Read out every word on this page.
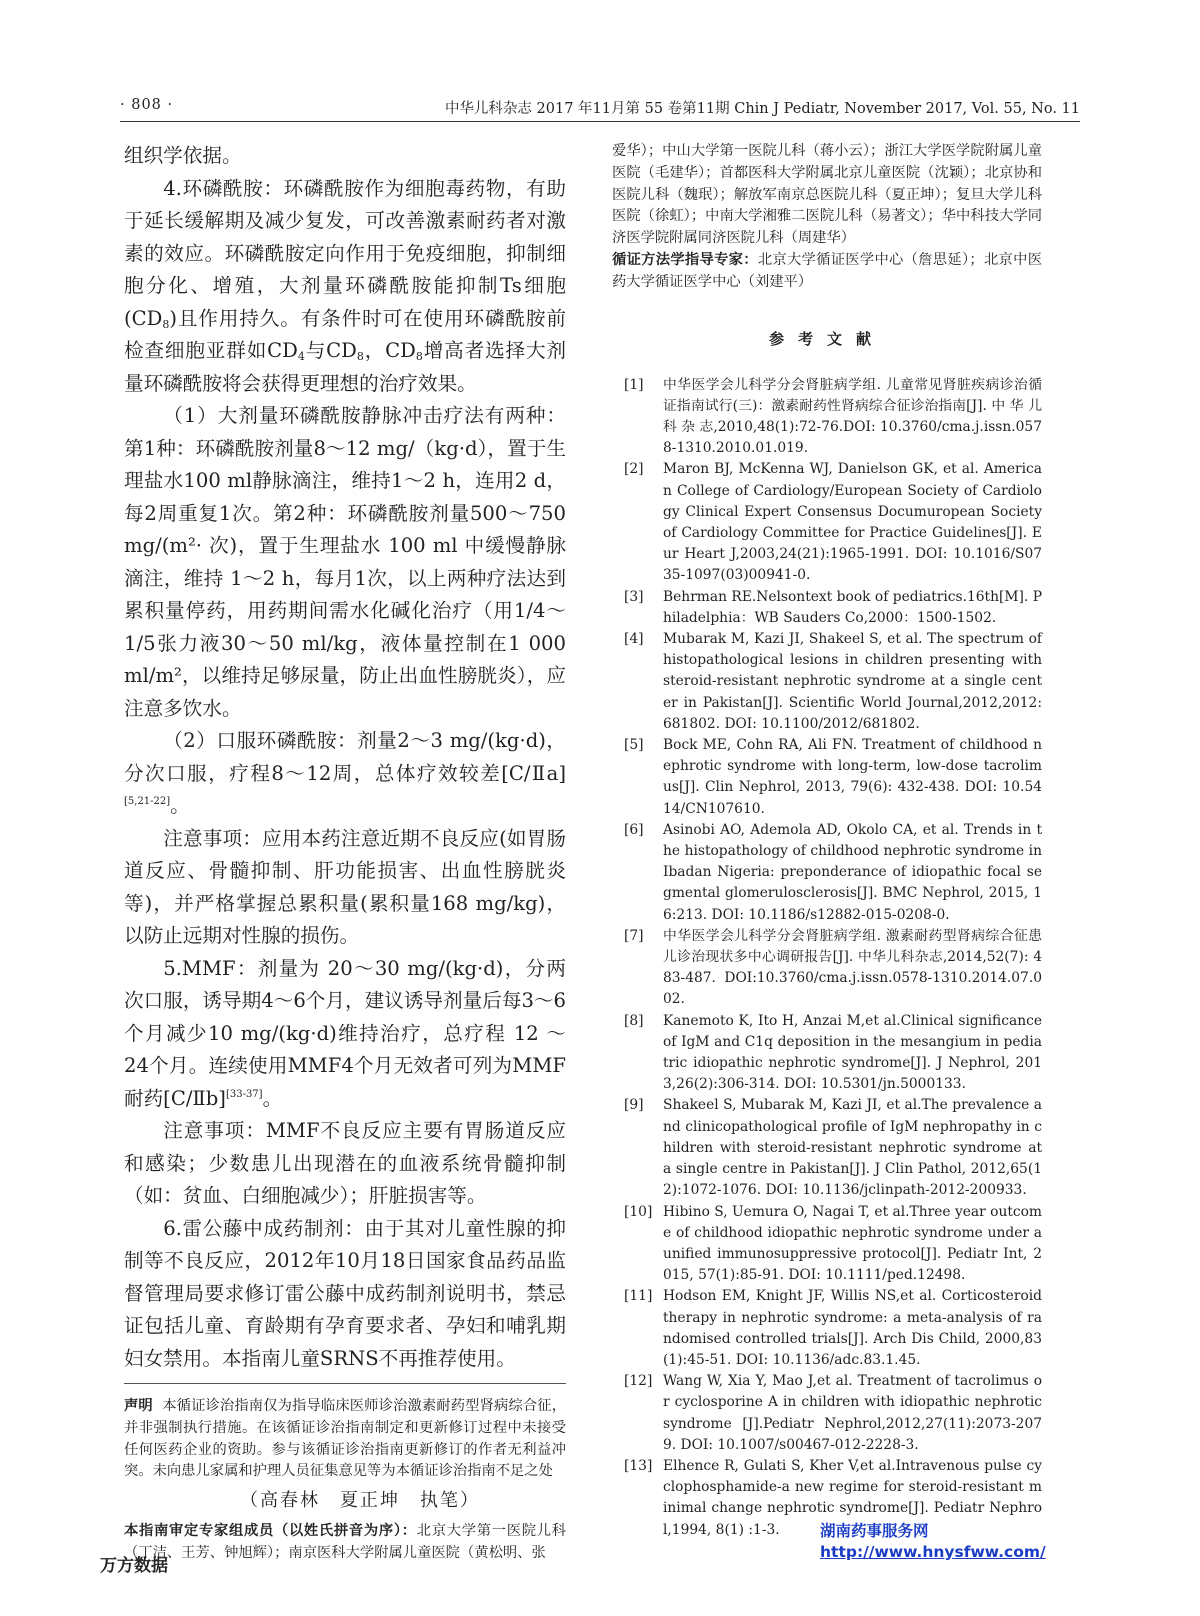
· 808 ·	中华儿科杂志 2017 年11月第 55 卷第11期 Chin J Pediatr, November 2017, Vol. 55, No. 11

组织学依据。

4.环磷酰胺：环磷酰胺作为细胞毒药物，有助于延长缓解期及减少复发，可改善激素耐药者对激素的效应。环磷酰胺定向作用于免疫细胞，抑制细胞分化、增殖，大剂量环磷酰胺能抑制Ts细胞$(CD_8)$且作用持久。有条件时可在使用环磷酰胺前检查细胞亚群如$CD_4$与$CD_8$，$CD_8$增高者选择大剂量环磷酰胺将会获得更理想的治疗效果。

（1）大剂量环磷酰胺静脉冲击疗法有两种：第1种：环磷酰胺剂量8～12 mg/（kg·d），置于生理盐水100 ml静脉滴注，维持1～2 h，连用2 d，每2周重复1次。第2种：环磷酰胺剂量500～750 mg/(m²· 次)，置于生理盐水 100 ml 中缓慢静脉滴注，维持 1～2 h，每月1次，以上两种疗法达到累积量停药，用药期间需水化碱化治疗（用1/4～1/5张力液30～50 ml/kg，液体量控制在1 000 ml/m²，以维持足够尿量，防止出血性膀胱炎），应注意多饮水。

（2）口服环磷酰胺：剂量2～3 mg/(kg·d)，分次口服，疗程8～12周，总体疗效较差[C/Ⅱa][5,21-22]。

注意事项：应用本药注意近期不良反应(如胃肠道反应、骨髓抑制、肝功能损害、出血性膀胱炎等)，并严格掌握总累积量(累积量168 mg/kg)，以防止远期对性腺的损伤。

5.MMF：剂量为 20～30 mg/(kg·d)，分两次口服，诱导期4～6个月，建议诱导剂量后每3～6个月减少10 mg/(kg·d)维持治疗，总疗程 12 ～24个月。连续使用MMF4个月无效者可列为MMF耐药[C/Ⅱb][33-37]。

注意事项：MMF不良反应主要有胃肠道反应和感染；少数患儿出现潜在的血液系统骨髓抑制（如：贫血、白细胞减少）；肝脏损害等。

6.雷公藤中成药制剂：由于其对儿童性腺的抑制等不良反应，2012年10月18日国家食品药品监督管理局要求修订雷公藤中成药制剂说明书，禁忌证包括儿童、育龄期有孕育要求者、孕妇和哺乳期妇女禁用。本指南儿童SRNS不再推荐使用。

声明 本循证诊治指南仅为指导临床医师诊治激素耐药型肾病综合征，并非强制执行措施。在该循证诊治指南制定和更新修订过程中未接受任何医药企业的资助。参与该循证诊治指南更新修订的作者无利益冲突。未向患儿家属和护理人员征集意见等为本循证诊治指南不足之处

（高春林　夏正坤　执笔）

本指南审定专家组成员（以姓氏拼音为序）：北京大学第一医院儿科（丁洁、王芳、钟旭辉）；南京医科大学附属儿童医院（黄松明、张

爱华）；中山大学第一医院儿科（蒋小云）；浙江大学医学院附属儿童医院（毛建华）；首都医科大学附属北京儿童医院（沈颖）；北京协和医院儿科（魏珉）；解放军南京总医院儿科（夏正坤）；复旦大学儿科医院（徐虹）；中南大学湘雅二医院儿科（易著文）；华中科技大学同济医学院附属同济医院儿科（周建华）

循证方法学指导专家：北京大学循证医学中心（詹思延）；北京中医药大学循证医学中心（刘建平）

参考文献
[1]	中华医学会儿科学分会肾脏病学组. 儿童常见肾脏疾病诊治循证指南试行(三)：激素耐药性肾病综合征诊治指南[J]. 中 华 儿 科 杂 志,2010,48(1):72-76.DOI: 10.3760/cma.j.issn.0578-1310.2010.01.019.
[2]	Maron BJ, McKenna WJ, Danielson GK, et al. American College of Cardiology/European Society of Cardiology Clinical Expert Consensus Documuropean Society of Cardiology Committee for Practice Guidelines[J]. Eur Heart J,2003,24(21):1965-1991. DOI: 10.1016/S0735-1097(03)00941-0.
[3]	Behrman RE.Nelsontext book of pediatrics.16th[M]. Philadelphia：WB Sauders Co,2000：1500-1502.
[4]	Mubarak M, Kazi JI, Shakeel S, et al. The spectrum of histopathological lesions in children presenting with steroid-resistant nephrotic syndrome at a single center in Pakistan[J]. Scientific World Journal,2012,2012:681802. DOI: 10.1100/2012/681802.
[5]	Bock ME, Cohn RA, Ali FN. Treatment of childhood nephrotic syndrome with long-term, low-dose tacrolimus[J]. Clin Nephrol, 2013, 79(6): 432-438. DOI: 10.5414/CN107610.
[6]	Asinobi AO, Ademola AD, Okolo CA, et al. Trends in the histopathology of childhood nephrotic syndrome in Ibadan Nigeria: preponderance of idiopathic focal segmental glomerulosclerosis[J]. BMC Nephrol, 2015, 16:213. DOI: 10.1186/s12882-015-0208-0.
[7]	中华医学会儿科学分会肾脏病学组. 激素耐药型肾病综合征患儿诊治现状多中心调研报告[J]. 中华儿科杂志,2014,52(7): 483-487. DOI:10.3760/cma.j.issn.0578-1310.2014.07.002.
[8]	Kanemoto K, Ito H, Anzai M,et al.Clinical significance of IgM and C1q deposition in the mesangium in pediatric idiopathic nephrotic syndrome[J]. J Nephrol, 2013,26(2):306-314. DOI: 10.5301/jn.5000133.
[9]	Shakeel S, Mubarak M, Kazi JI, et al.The prevalence and clinicopathological profile of IgM nephropathy in children with steroid-resistant nephrotic syndrome at a single centre in Pakistan[J]. J Clin Pathol, 2012,65(12):1072-1076. DOI: 10.1136/jclinpath-2012-200933.
[10] Hibino S, Uemura O, Nagai T, et al.Three year outcome of childhood idiopathic nephrotic syndrome under a unified immunosuppressive protocol[J]. Pediatr Int, 2015, 57(1):85-91. DOI: 10.1111/ped.12498.
[11] Hodson EM, Knight JF, Willis NS,et al. Corticosteroid therapy in nephrotic syndrome: a meta-analysis of randomised controlled trials[J]. Arch Dis Child, 2000,83(1):45-51. DOI: 10.1136/adc.83.1.45.
[12] Wang W, Xia Y, Mao J,et al. Treatment of tacrolimus or cyclosporine A in children with idiopathic nephrotic syndrome [J].Pediatr Nephrol,2012,27(11):2073-2079. DOI: 10.1007/s00467-012-2228-3.
[13] Elhence R, Gulati S, Kher V,et al.Intravenous pulse cyclophosphamide-a new regime for steroid-resistant minimal change nephrotic syndrome[J]. Pediatr Nephrol,1994, 8(1) :1-3.
万方数据
湖南药事服务网
http://www.hnysfww.com/
